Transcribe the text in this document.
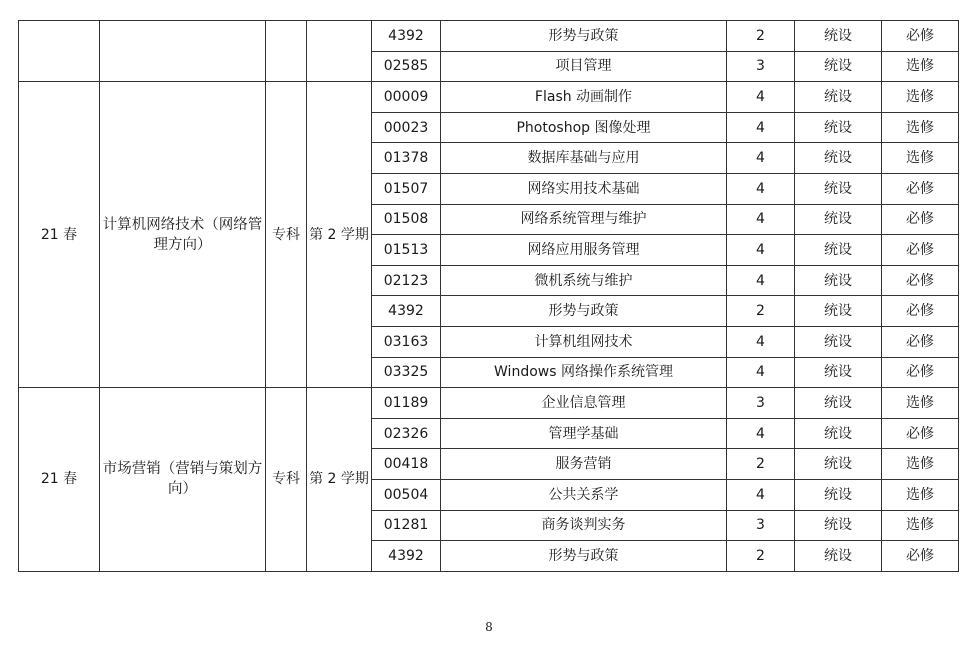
				4392	形势与政策	2	统设	必修
				02585	项目管理	3	统设	选修
21 春	计算机网络技术（网络管理方向）	专科	第 2 学期	00009	Flash 动画制作	4	统设	选修
				00023	Photoshop 图像处理	4	统设	选修
				01378	数据库基础与应用	4	统设	选修
				01507	网络实用技术基础	4	统设	必修
				01508	网络系统管理与维护	4	统设	必修
				01513	网络应用服务管理	4	统设	必修
				02123	微机系统与维护	4	统设	必修
				4392	形势与政策	2	统设	必修
				03163	计算机组网技术	4	统设	必修
				03325	Windows 网络操作系统管理	4	统设	必修
21 春	市场营销（营销与策划方向）	专科	第 2 学期	01189	企业信息管理	3	统设	选修
				02326	管理学基础	4	统设	必修
				00418	服务营销	2	统设	选修
				00504	公共关系学	4	统设	选修
				01281	商务谈判实务	3	统设	选修
				4392	形势与政策	2	统设	必修
8
